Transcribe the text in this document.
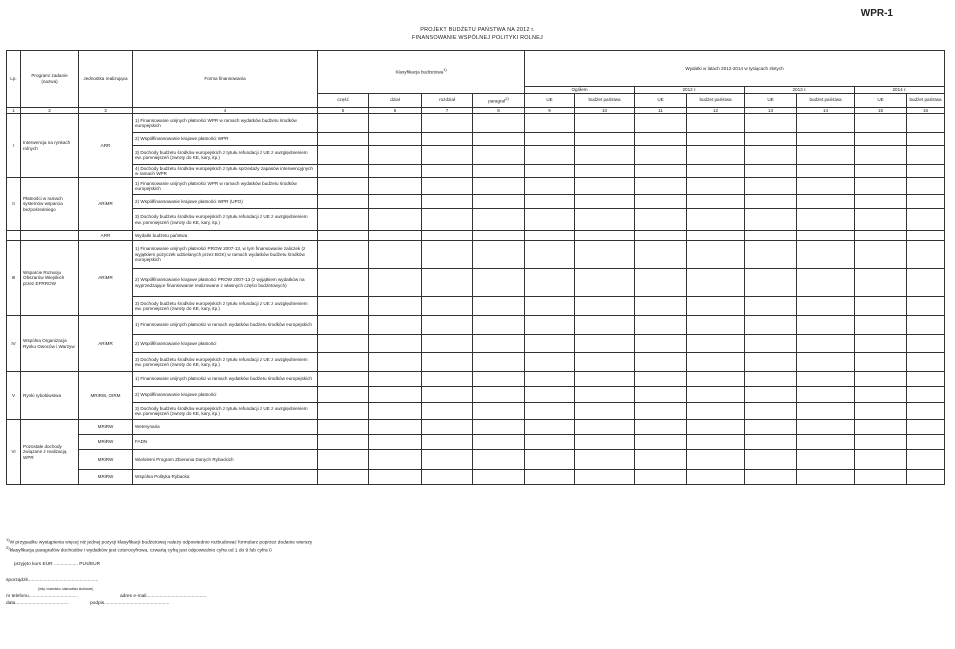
WPR-1
PROJEKT BUDŻETU PAŃSTWA NA 2012 r.
FINANSOWANIE WSPÓLNEJ POLITYKI ROLNEJ
Lp.	Program/ zadanie (nazwa)	Jednostka realizująca	Forma finansowania	Klasyfikacja budżetowa$^{1)}$				Wydatki w latach 2012-2014 w tysiącach złotych							
								Ogółem		2012 r.		2013 r.		2014 r.	
				część	dział	rozdział	paragraf$^{2)}$	UE	budżet państwa	UE	budżet państwa	UE	budżet państwa	UE	budżet państwa
1	2	3	4	5	6	7	8	9	10	11	12	13	14	15	16
I	Interwencja na rynkach rolnych	ARR	1) Finansowanie unijnych płatności WPR w ramach wydatków budżetu środków europejskich												
			2) Współfinansowanie krajowe płatności WPR												
			3) Dochody budżetu środków europejskich z tytułu refundacji z UE z uwzględnieniem ew. pomniejszeń (zwroty do KE, kary, itp.)												
			4) Dochody budżetu środków europejskich z tytułu sprzedaży zapasów interwencyjnych w ramach WPR												
II	Płatności w ramach systemów wsparcia bezpośredniego	ARiMR	1) Finansowanie unijnych płatności WPR w ramach wydatków budżetu środków europejskich												
			2) Współfinansowanie krajowe płatności WPR (UPO)												
			3) Dochody budżetu środków europejskich z tytułu refundacji z UE z uwzględnieniem ew. pomniejszeń (zwroty do KE, kary, itp.)												
		ARR	Wydatki budżetu państwa												
III	Wsparcie Rozwoju Obszarów Wiejskich przez EFRROW	ARiMR	1) Finansowanie unijnych płatności PROW 2007-13, w tym finansowanie zaliczek (z wyjątkiem pożyczek udzielanych przez BGK) w ramach wydatków budżetu środków europejskich												
			2) Współfinansowanie krajowe płatności PROW 2007-13 (z wyjątkiem wydatków na wyprzedzające finansowanie realizowane z własnych części budżetowych)												
			3) Dochody budżetu środków europejskich z tytułu refundacji z UE z uwzględnieniem ew. pomniejszeń (zwroty do KE, kary, itp.)												
IV	Wspólna Organizacja Rynku Owoców i Warzyw	ARiMR	1) Finansowanie unijnych płatności w ramach wydatków budżetu środków europejskich												
			2) Współfinansowanie krajowe płatności												
			3) Dochody budżetu środków europejskich z tytułu refundacji z UE z uwzględnieniem ew. pomniejszeń (zwroty do KE, kary, itp.)												
V	Rynki rybołówstwa	MRiRW, OIRM	1) Finansowanie unijnych płatności w ramach wydatków budżetu środków europejskich												
			2) Współfinansowanie krajowe płatności												
			3) Dochody budżetu środków europejskich z tytułu refundacji z UE z uwzględnieniem ew. pomniejszeń (zwroty do KE, kary, itp.)												
VI	Pozostałe dochody związane z realizacją WPR	MRiRW	Weterynaria												
		MRiRW	FADN												
		MRiRW	Wieloletni Program Zbierania Danych Rybackich												
		MRiRW	Wspólna Polityka Rybacka												
$^{1)}$W przypadku wystąpienia więcej niż jednej pozycji klasyfikacji budżetowej należy odpowiednio rozbudować formularz poprzez dodanie wierszy
$^{2)}$klasyfikacja paragrafów dochodów i wydatków jest czterocyfrowa, czwartą cyfrą jest odpowiednio cyfra od 1 do 9 lub cyfra 0
przyjęto kurs EUR .................. PLN/EUR
sporządził.....................................................
(imię i nazwisko, stanowisko służbowe)
nr telefonu.....................................	adres e-mail.............................................
data........................................	podpis.................................................
